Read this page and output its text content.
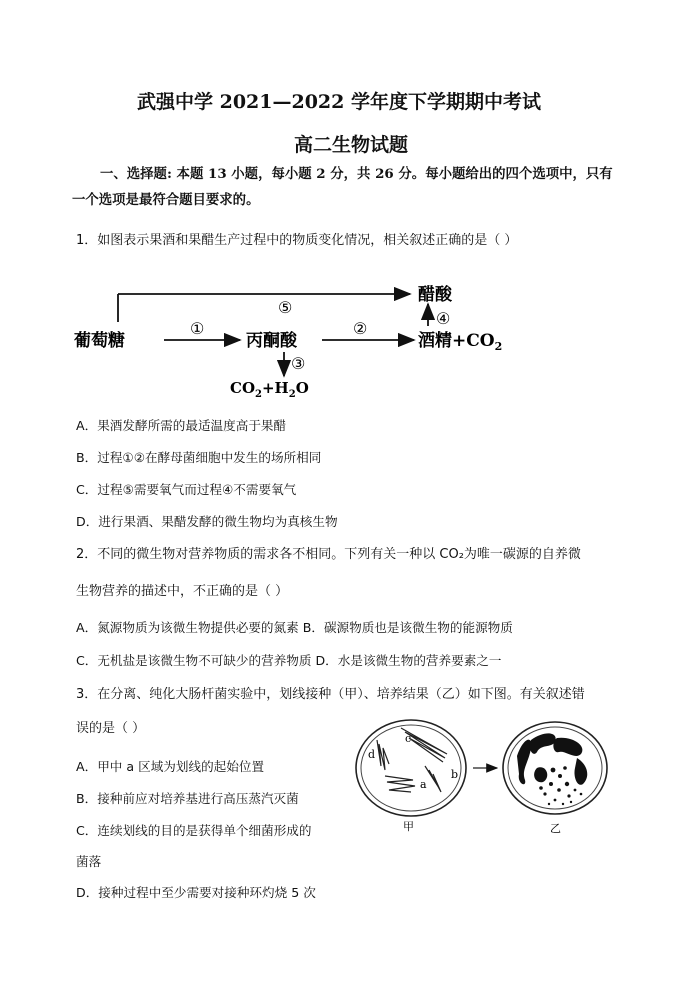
武强中学 2021—2022 学年度下学期期中考试
高二生物试题
一、选择题: 本题 13 小题，每小题 2 分，共 26 分。每小题给出的四个选项中，只有
一个选项是最符合题目要求的。
1．如图表示果酒和果醋生产过程中的物质变化情况，相关叙述正确的是（ ）
⑤
醋酸
葡萄糖
①
丙酮酸
②
酒精$+CO_2$
④
③
$CO_2+H_2O$
A．果酒发酵所需的最适温度高于果醋
B．过程①②在酵母菌细胞中发生的场所相同
C．过程⑤需要氧气而过程④不需要氧气
D．进行果酒、果醋发酵的微生物均为真核生物
2．不同的微生物对营养物质的需求各不相同。下列有关一种以 CO₂为唯一碳源的自养微
生物营养的描述中，不正确的是（ ）
A．氮源物质为该微生物提供必要的氮素 B．碳源物质也是该微生物的能源物质
C．无机盐是该微生物不可缺少的营养物质 D．水是该微生物的营养要素之一
3．在分离、纯化大肠杆菌实验中，划线接种（甲）、培养结果（乙）如下图。有关叙述错
误的是（ ）
A．甲中 a 区域为划线的起始位置
B．接种前应对培养基进行高压蒸汽灭菌
C．连续划线的目的是获得单个细菌形成的
菌落
D．接种过程中至少需要对接种环灼烧 5 次
d
c
a
b
甲	乙
